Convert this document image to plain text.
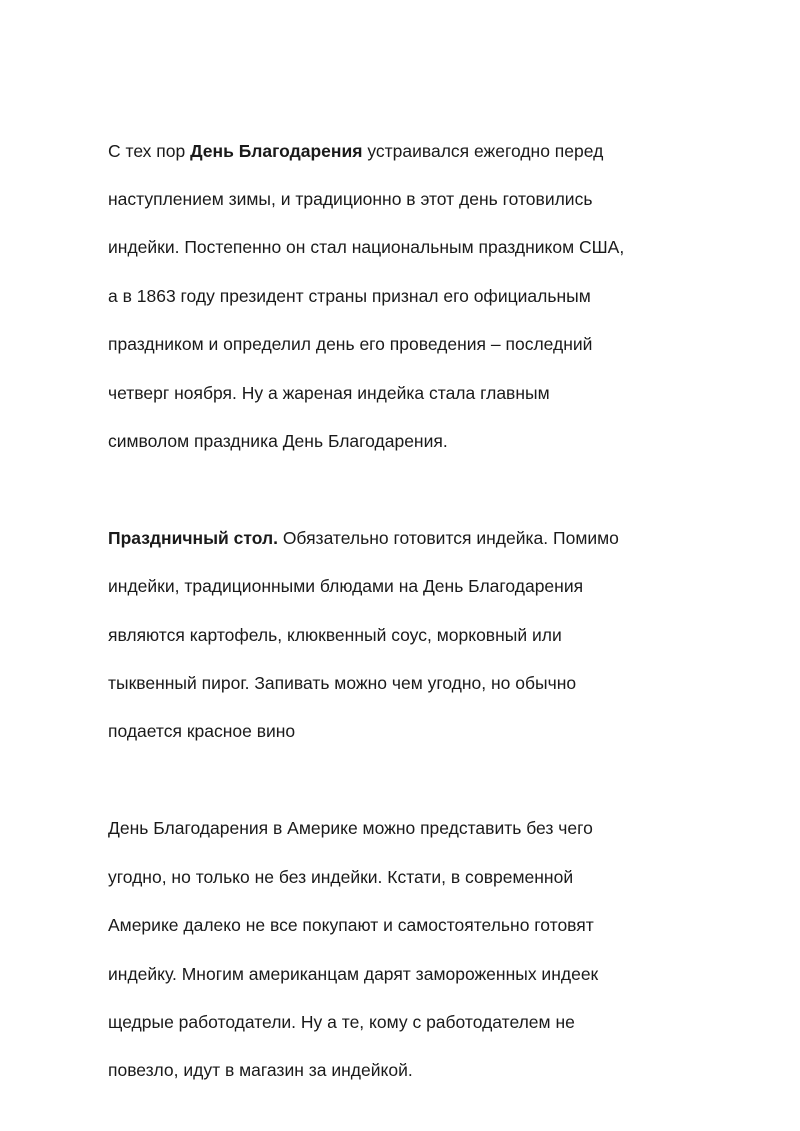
С тех пор День Благодарения устраивался ежегодно перед

наступлением зимы, и традиционно в этот день готовились

индейки. Постепенно он стал национальным праздником США,

а в 1863 году президент страны признал его официальным

праздником и определил день его проведения – последний

четверг ноября. Ну а жареная индейка стала главным

символом праздника День Благодарения.

Праздничный стол. Обязательно готовится индейка. Помимо

индейки, традиционными блюдами на День Благодарения

являются картофель, клюквенный соус, морковный или

тыквенный пирог. Запивать можно чем угодно, но обычно

подается красное вино

День Благодарения в Америке можно представить без чего

угодно, но только не без индейки. Кстати, в современной

Америке далеко не все покупают и самостоятельно готовят

индейку. Многим американцам дарят замороженных индеек

щедрые работодатели. Ну а те, кому с работодателем не

повезло, идут в магазин за индейкой.
